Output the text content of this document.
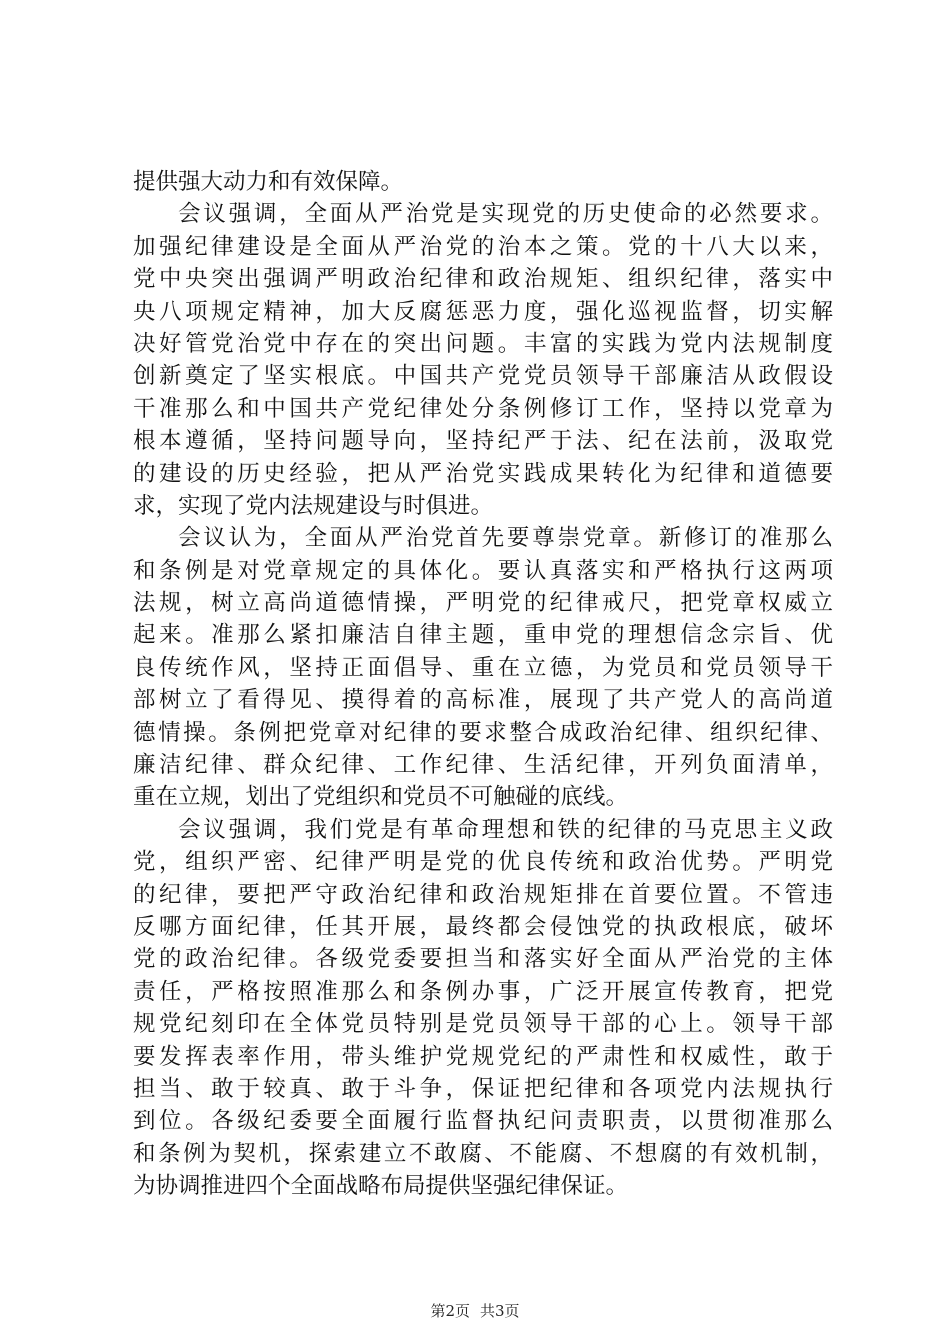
提供强大动力和有效保障。
会议强调，全面从严治党是实现党的历史使命的必然要求。
加强纪律建设是全面从严治党的治本之策。党的十八大以来，
党中央突出强调严明政治纪律和政治规矩、组织纪律，落实中
央八项规定精神，加大反腐惩恶力度，强化巡视监督，切实解
决好管党治党中存在的突出问题。丰富的实践为党内法规制度
创新奠定了坚实根底。中国共产党党员领导干部廉洁从政假设
干准那么和中国共产党纪律处分条例修订工作，坚持以党章为
根本遵循，坚持问题导向，坚持纪严于法、纪在法前，汲取党
的建设的历史经验，把从严治党实践成果转化为纪律和道德要
求，实现了党内法规建设与时俱进。
会议认为，全面从严治党首先要尊崇党章。新修订的准那么
和条例是对党章规定的具体化。要认真落实和严格执行这两项
法规，树立高尚道德情操，严明党的纪律戒尺，把党章权威立
起来。准那么紧扣廉洁自律主题，重申党的理想信念宗旨、优
良传统作风，坚持正面倡导、重在立德，为党员和党员领导干
部树立了看得见、摸得着的高标准，展现了共产党人的高尚道
德情操。条例把党章对纪律的要求整合成政治纪律、组织纪律、
廉洁纪律、群众纪律、工作纪律、生活纪律，开列负面清单，
重在立规，划出了党组织和党员不可触碰的底线。
会议强调，我们党是有革命理想和铁的纪律的马克思主义政
党，组织严密、纪律严明是党的优良传统和政治优势。严明党
的纪律，要把严守政治纪律和政治规矩排在首要位置。不管违
反哪方面纪律，任其开展，最终都会侵蚀党的执政根底，破坏
党的政治纪律。各级党委要担当和落实好全面从严治党的主体
责任，严格按照准那么和条例办事，广泛开展宣传教育，把党
规党纪刻印在全体党员特别是党员领导干部的心上。领导干部
要发挥表率作用，带头维护党规党纪的严肃性和权威性，敢于
担当、敢于较真、敢于斗争，保证把纪律和各项党内法规执行
到位。各级纪委要全面履行监督执纪问责职责，以贯彻准那么
和条例为契机，探索建立不敢腐、不能腐、不想腐的有效机制，
为协调推进四个全面战略布局提供坚强纪律保证。
第2页 共3页
